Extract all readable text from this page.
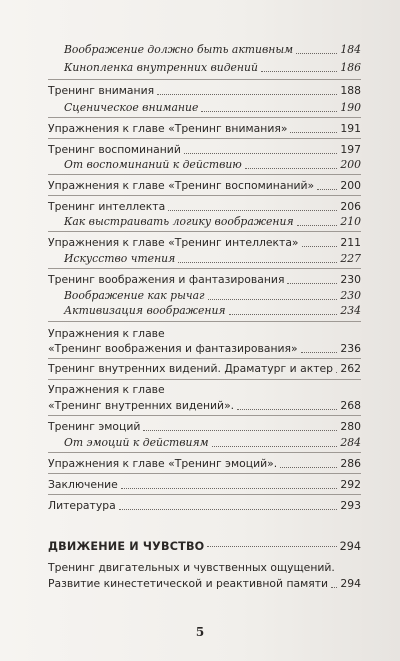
Воображение должно быть активным	184
Кинопленка внутренних видений	186
Тренинг внимания	188
Сценическое внимание	190
Упражнения к главе «Тренинг внимания»	191
Тренинг воспоминаний	197
От воспоминаний к действию	200
Упражнения к главе «Тренинг воспоминаний» 200
Тренинг интеллекта	206
Как выстраивать логику воображения	210
Упражнения к главе «Тренинг интеллекта»	211
Искусство чтения	227
Тренинг воображения и фантазирования	230
Воображение как рычаг	230
Активизация воображения	234
Упражнения к главе
«Тренинг воображения и фантазирования»	236
Тренинг внутренних видений. Драматург и актер 262
Упражнения к главе
«Тренинг внутренних видений».	268
Тренинг эмоций	280
От эмоций к действиям	284
Упражнения к главе «Тренинг эмоций».	286
Заключение	292
Литература	293
ДВИЖЕНИЕ И ЧУВСТВО	294
Тренинг двигательных и чувственных ощущений.
Развитие кинестетической и реактивной памяти 294
5
